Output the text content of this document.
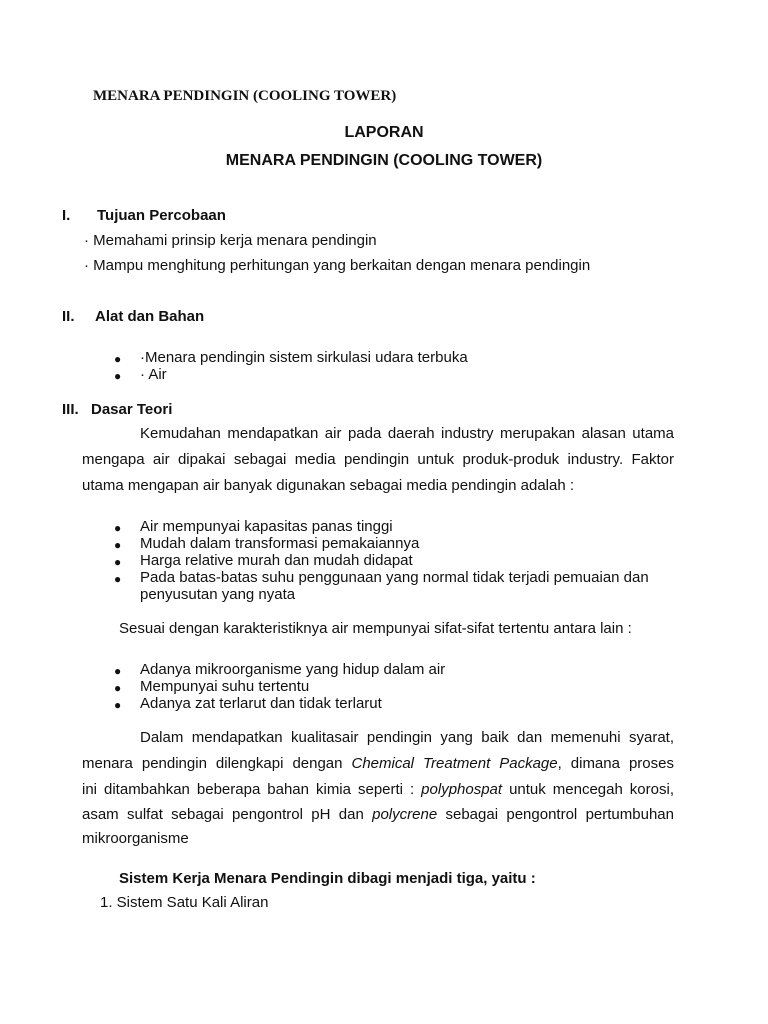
MENARA PENDINGIN (COOLING TOWER)
LAPORAN
MENARA PENDINGIN (COOLING TOWER)
I. Tujuan Percobaan
· Memahami prinsip kerja menara pendingin
· Mampu menghitung perhitungan yang berkaitan dengan menara pendingin
II. Alat dan Bahan
● ·Menara pendingin sistem sirkulasi udara terbuka
● · Air
III. Dasar Teori
Kemudahan mendapatkan air pada daerah industry merupakan alasan utama
mengapa air dipakai sebagai media pendingin untuk produk-produk industry. Faktor
utama mengapan air banyak digunakan sebagai media pendingin adalah :
● Air mempunyai kapasitas panas tinggi
● Mudah dalam transformasi pemakaiannya
● Harga relative murah dan mudah didapat
● Pada batas-batas suhu penggunaan yang normal tidak terjadi pemuaian dan
penyusutan yang nyata
Sesuai dengan karakteristiknya air mempunyai sifat-sifat tertentu antara lain :
● Adanya mikroorganisme yang hidup dalam air
● Mempunyai suhu tertentu
● Adanya zat terlarut dan tidak terlarut
Dalam mendapatkan kualitasair pendingin yang baik dan memenuhi syarat,
menara pendingin dilengkapi dengan Chemical Treatment Package, dimana proses
ini ditambahkan beberapa bahan kimia seperti : polyphospat untuk mencegah korosi,
asam sulfat sebagai pengontrol pH dan polycrene sebagai pengontrol pertumbuhan
mikroorganisme
Sistem Kerja Menara Pendingin dibagi menjadi tiga, yaitu :
1. Sistem Satu Kali Aliran
